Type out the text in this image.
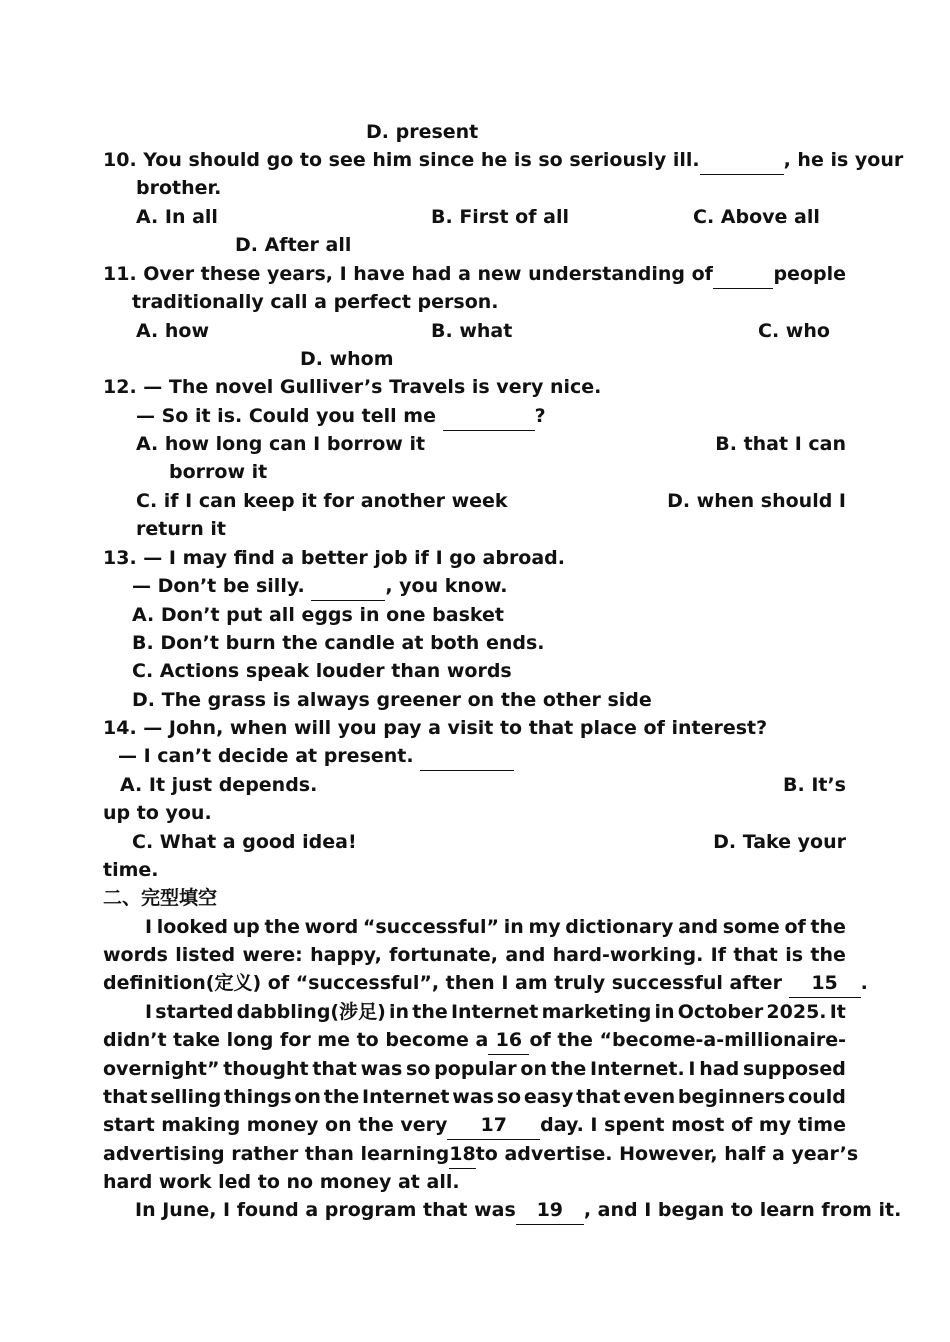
D. present
10. You should go to see him since he is so seriously ill.	, he is your
brother.
A. In all	B. First of all	C. Above all
D. After all
11. Over these years, I have had a new understanding of
	people
traditionally call a perfect person.
A. how	B. what	C. who
D. whom
12. — The novel Gulliver’s Travels is very nice.
— So it is. Could you tell me	?
A. how long can I borrow it	B. that I can
borrow it
C. if I can keep it for another week	D. when should I
return it
13. — I may find a better job if I go abroad.
— Don’t be silly.	, you know.
A. Don’t put all eggs in one basket
B. Don’t burn the candle at both ends.
C. Actions speak louder than words
D. The grass is always greener on the other side
14. — John, when will you pay a visit to that place of interest?
— I can’t decide at present.
A. It just depends.	B. It’s
up to you.
C. What a good idea!	D. Take your
time.
二、完型填空
I looked up the word “successful” in my dictionary and some of the
words listed were: happy, fortunate, and hard-working. If that is the
definition(定义) of “successful”, then I am truly successful after 15 .
I started dabbling(涉足) in the Internet marketing in October 2025. It
didn’t take long for me to become a 16 of the “become-a-millionaire-
overnight” thought that was so popular on the Internet. I had supposed
that selling things on the Internet was so easy that even beginners could
start making money on the very	17	day. I spent most of my time
advertising rather than learning 18 to advertise. However, half a year’s
hard work led to no money at all.
In June, I found a program that was	19 , and I began to learn from it.
